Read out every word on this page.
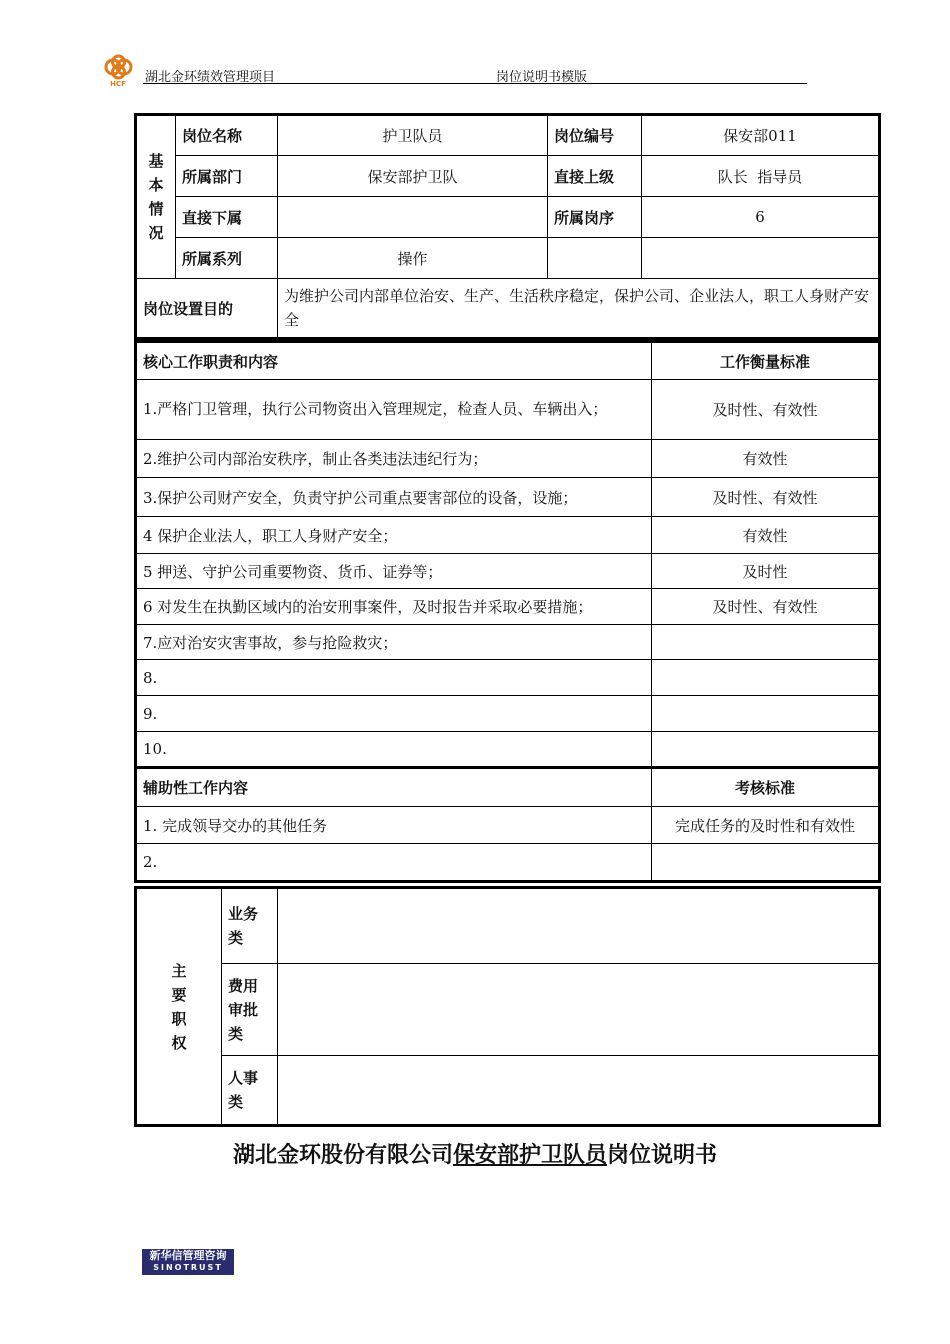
HCF 湖北金环绩效管理项目	岗位说明书模版
基
本
情
况	岗位名称	护卫队员	岗位编号	保安部011
	所属部门	保安部护卫队	直接上级	队长  指导员
	直接下属		所属岗序	6
	所属系列	操作		
岗位设置目的		为维护公司内部单位治安、生产、生活秩序稳定，保护公司、企业法人，职工人身财产安全		
核心工作职责和内容	工作衡量标准
1.严格门卫管理，执行公司物资出入管理规定，检查人员、车辆出入；	及时性、有效性
2.维护公司内部治安秩序，制止各类违法违纪行为；	有效性
3.保护公司财产安全，负责守护公司重点要害部位的设备，设施；	及时性、有效性
4 保护企业法人，职工人身财产安全；	有效性
5 押送、守护公司重要物资、货币、证券等；	及时性
6 对发生在执勤区域内的治安刑事案件，及时报告并采取必要措施；	及时性、有效性
7.应对治安灾害事故，参与抢险救灾；	
8.	
9.	
10.	
辅助性工作内容	考核标准
1. 完成领导交办的其他任务	完成任务的及时性和有效性
2.	
主
要
职
权	业务
类	
	费用
审批
类	
	人事
类	
湖北金环股份有限公司保安部护卫队员岗位说明书
新华信管理咨询
SINOTRUST
